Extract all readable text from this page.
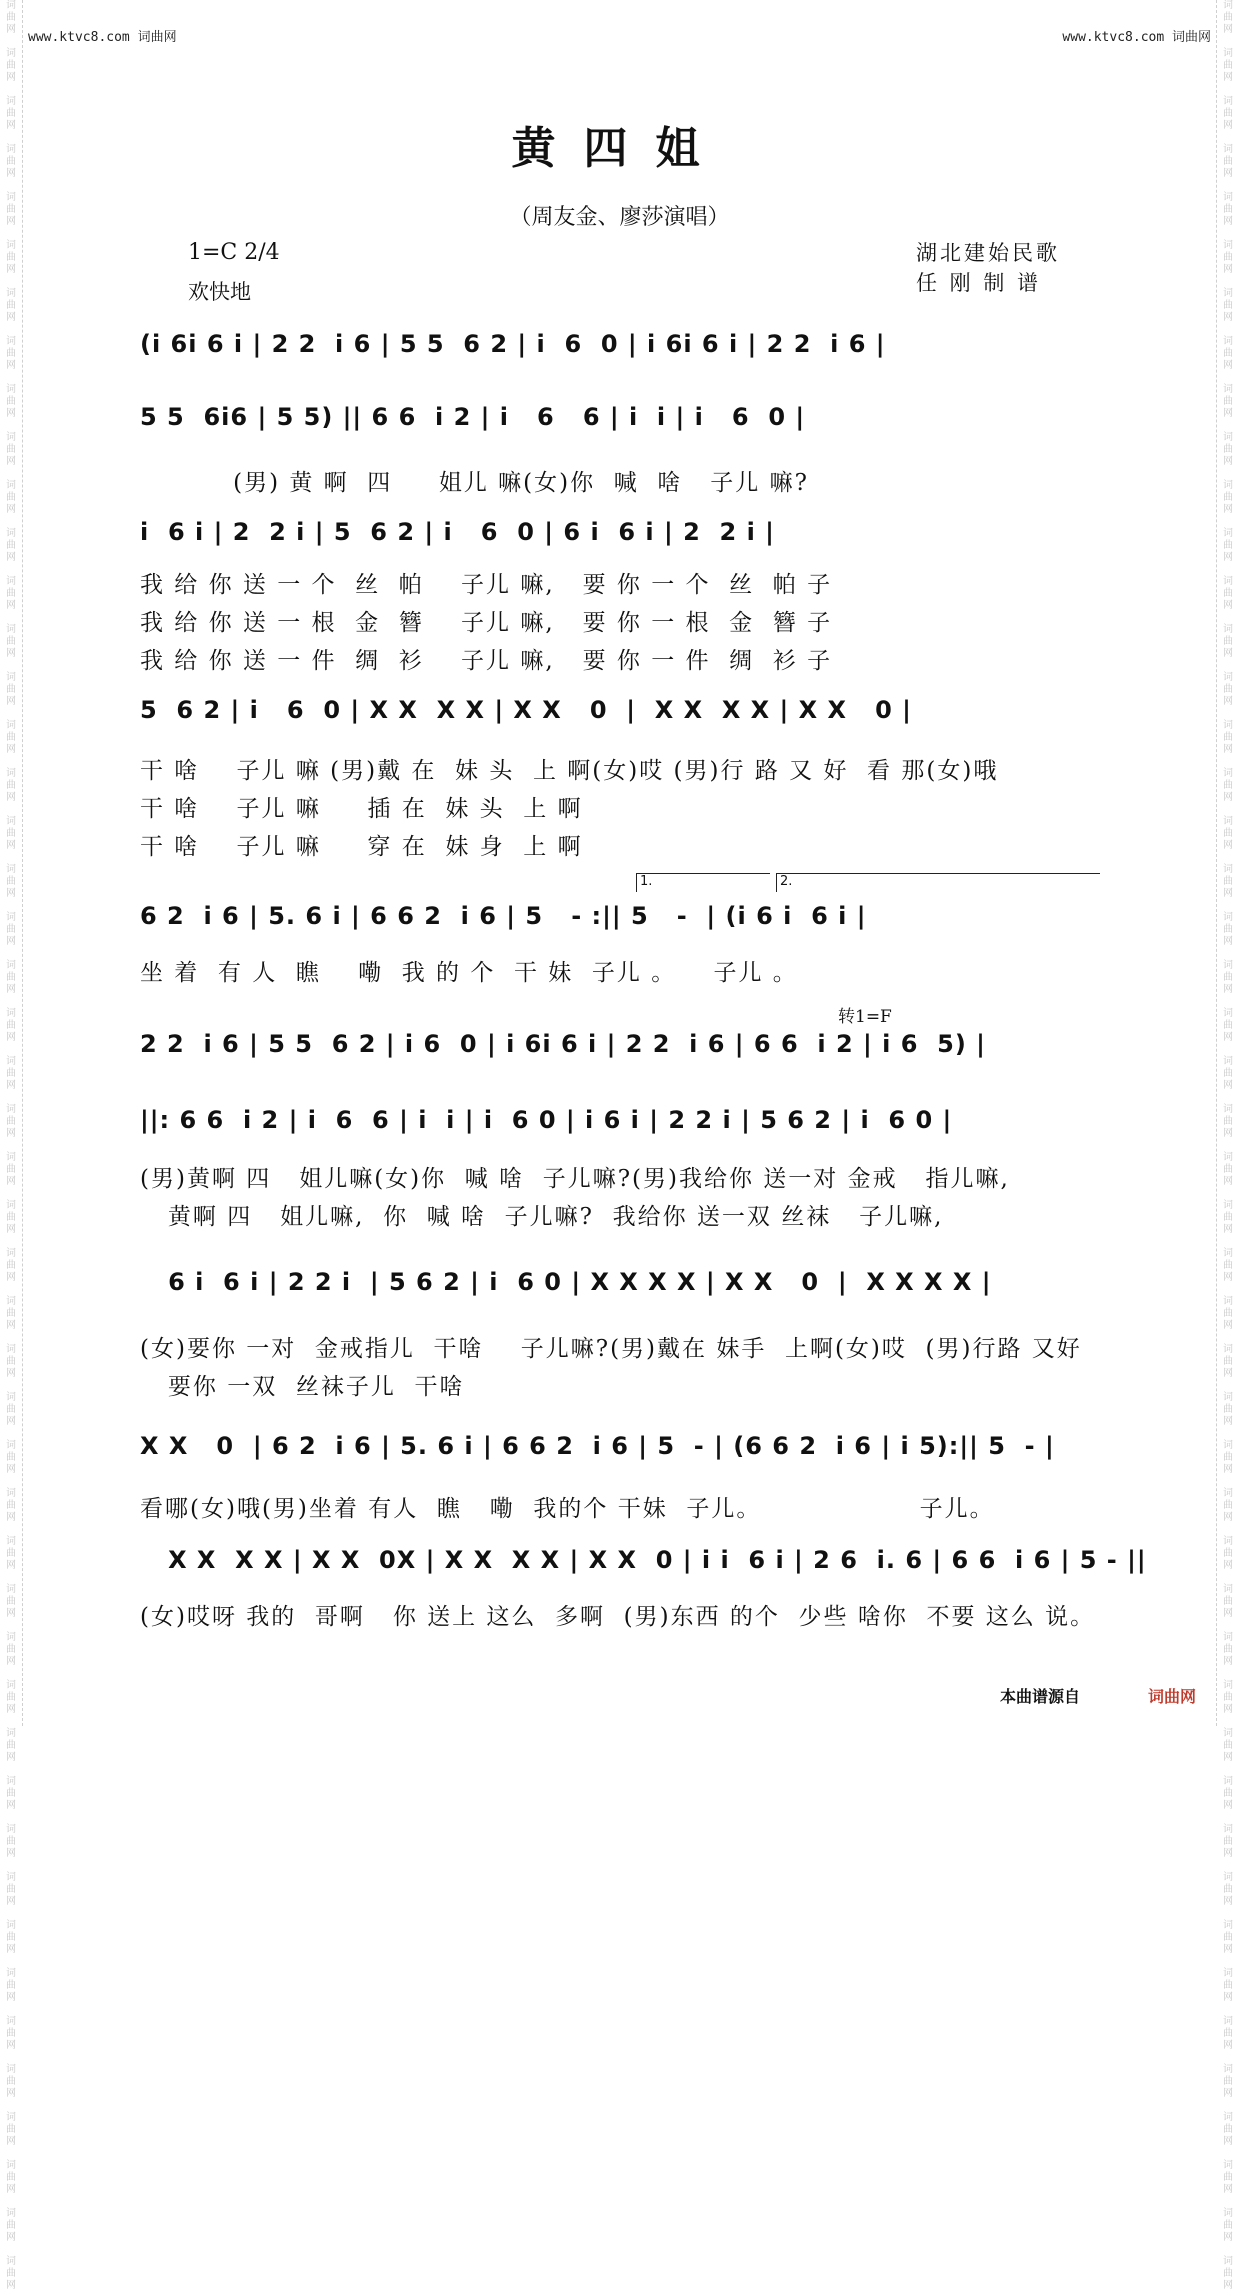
词
曲
网

词
曲
网

词
曲
网

词
曲
网

词
曲
网

词
曲
网

词
曲
网

词
曲
网

词
曲
网

词
曲
网

词
曲
网

词
曲
网

词
曲
网

词
曲
网

词
曲
网

词
曲
网

词
曲
网

词
曲
网

词
曲
网

词
曲
网

词
曲
网

词
曲
网

词
曲
网

词
曲
网

词
曲
网

词
曲
网

词
曲
网

词
曲
网

词
曲
网

词
曲
网

词
曲
网

词
曲
网

词
曲
网

词
曲
网

词
曲
网

词
曲
网

词
曲
网

词
曲
网

词
曲
网

词
曲
网

词
曲
网

词
曲
网

词
曲
网

词
曲
网

词
曲
网

词
曲
网

词
曲
网

词
曲
网

词
曲
网

词
曲
网

词
曲
网

词
曲
网

词
曲
网

词
曲
网

词
曲
网

词
曲
网

词
曲
网

词
曲
网

词
曲
网

词
曲
网

词
曲
网

词
曲
网

词
曲
网

词
曲
网

词
曲
网

词
曲
网

词
曲
网

词
曲
网

词
曲
网

词
曲
网

词
曲
网

词
曲
网

词
曲
网

词
曲
网

词
曲
网

词
曲
网

词
曲
网

词
曲
网

词
曲
网

词
曲
网

词
曲
网

词
曲
网

词
曲
网

词
曲
网

词
曲
网

词
曲
网

词
曲
网

词
曲
网

词
曲
网

词
曲
网

词
曲
网

词
曲
网

词
曲
网

词
曲
网

词
曲
网

词
曲
网

www.ktvc8.com 词曲网	www.ktvc8.com 词曲网
黄四姐
（周友金、廖莎演唱）
1=C 2/4
欢快地
湖北建始民歌
任 刚 制 谱
(i 6i 6 i | 2 2  i 6 | 5 5  6 2 | i  6  0 | i 6i 6 i | 2 2  i 6 |
5 5  6i6 | 5 5) || 6 6  i 2 | i   6   6 | i  i | i   6  0 |
(男) 黄 啊  四     姐儿 嘛(女)你  喊  啥   子儿 嘛?
i  6 i | 2  2 i | 5  6 2 | i   6  0 | 6 i  6 i | 2  2 i |
我 给 你 送 一 个  丝  帕    子儿 嘛,   要 你 一 个  丝  帕 子
我 给 你 送 一 根  金  簪    子儿 嘛,   要 你 一 根  金  簪 子
我 给 你 送 一 件  绸  衫    子儿 嘛,   要 你 一 件  绸  衫 子
5  6 2 | i   6  0 | X X  X X | X X   0  |  X X  X X | X X   0 |
干 啥    子儿 嘛 (男)戴 在  妹 头  上 啊(女)哎 (男)行 路 又 好  看 那(女)哦
干 啥    子儿 嘛     插 在  妹 头  上 啊
干 啥    子儿 嘛     穿 在  妹 身  上 啊
6 2  i 6 | 5. 6 i | 6 6 2  i 6 | 5   - :|| 5   -  | (i 6 i  6 i |
坐 着  有 人  瞧    嘞  我 的 个  干 妹  子儿 。    子儿 。
2 2  i 6 | 5 5  6 2 | i 6  0 | i 6i 6 i | 2 2  i 6 | 6 6  i 2 | i 6  5) |
||: 6 6  i 2 | i  6  6 | i  i | i  6 0 | i 6 i | 2 2 i | 5 6 2 | i  6 0 |
(男)黄啊 四   姐儿嘛(女)你  喊 啥  子儿嘛?(男)我给你 送一对 金戒   指儿嘛,
黄啊 四   姐儿嘛,  你  喊 啥  子儿嘛?  我给你 送一双 丝袜   子儿嘛,
6 i  6 i | 2 2 i  | 5 6 2 | i  6 0 | X X X X | X X   0  |  X X X X |
(女)要你 一对  金戒指儿  干啥    子儿嘛?(男)戴在 妹手  上啊(女)哎  (男)行路 又好
要你 一双  丝袜子儿  干啥
X X   0  | 6 2  i 6 | 5. 6 i | 6 6 2  i 6 | 5  - | (6 6 2  i 6 | i 5):|| 5  - |
看哪(女)哦(男)坐着 有人  瞧   嘞  我的个 干妹  子儿。                 子儿。
X X  X X | X X  0X | X X  X X | X X  0 | i i  6 i | 2 6  i. 6 | 6 6  i 6 | 5 - ||
(女)哎呀 我的  哥啊   你 送上 这么  多啊  (男)东西 的个  少些 啥你  不要 这么 说。
1.	2.
转1=F
本曲谱源自	词曲网
